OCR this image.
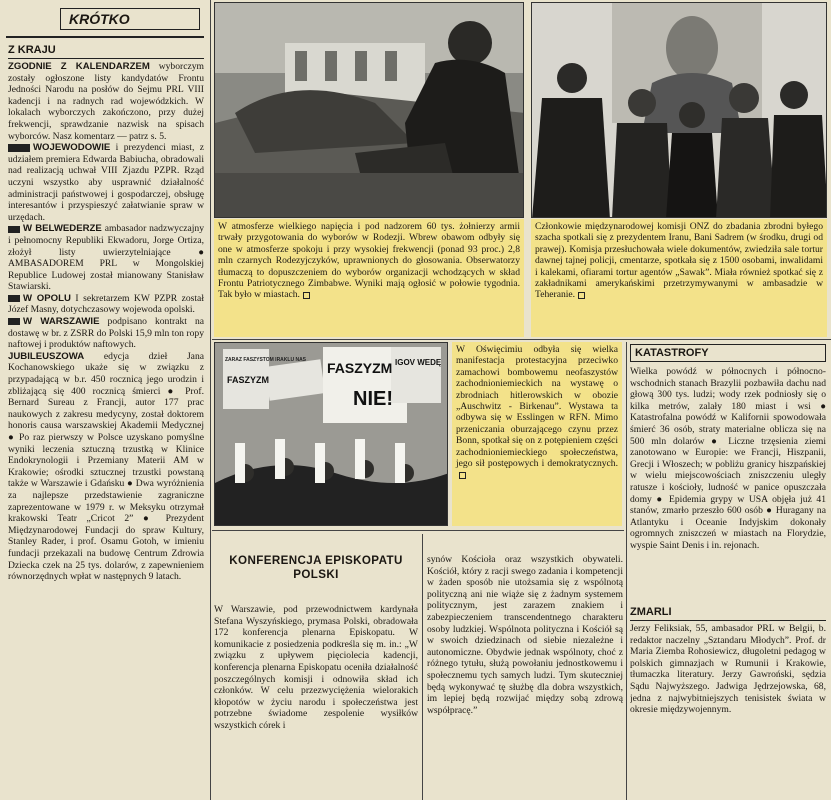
KRÓTKO
Z KRAJU

ZGODNIE Z KALENDARZEM wyborczym zostały ogłoszone listy kandydatów Frontu Jedności Narodu na posłów do Sejmu PRL VIII kadencji i na radnych rad wojewódzkich. W lokalach wyborczych zakończono, przy dużej frekwencji, sprawdzanie nazwisk na spisach wyborców. Nasz komentarz — patrz s. 5.

WOJEWODOWIE i prezydenci miast, z udziałem premiera Edwarda Babiucha, obradowali nad realizacją uchwał VIII Zjazdu PZPR. Rząd uczyni wszystko aby usprawnić działalność administracji państwowej i gospodarczej, obsługę interesantów i przyspieszyć załatwianie spraw w urzędach.

W BELWEDERZE ambasador nadzwyczajny i pełnomocny Republiki Ekwadoru, Jorge Ortiza, złożył listy uwierzytelniające ● AMBASADOREM PRL w Mongolskiej Republice Ludowej został mianowany Stanisław Stawiarski.

W OPOLU I sekretarzem KW PZPR został Józef Masny, dotychczasowy wojewoda opolski.

W WARSZAWIE podpisano kontrakt na dostawę w br. z ZSRR do Polski 15,9 mln ton ropy naftowej i produktów naftowych.

JUBILEUSZOWA edycja dzieł Jana Kochanowskiego ukaże się w związku z przypadającą w b.r. 450 rocznicą jego urodzin i zbliżającą się 400 rocznicą śmierci ● Prof. Bernard Sureau z Francji, autor 177 prac naukowych z zakresu medycyny, został doktorem honoris causa warszawskiej Akademii Medycznej ● Po raz pierwszy w Polsce uzyskano pomyślne wyniki leczenia sztuczną trzustką w Klinice Endokrynologii i Przemiany Materii AM w Krakowie; ośrodki sztucznej trzustki powstaną także w Warszawie i Gdańsku ● Dwa wyróżnienia za najlepsze przedstawienie zagraniczne zaprezentowane w 1979 r. w Meksyku otrzymał krakowski Teatr „Cricot 2” ● Prezydent Międzynarodowej Fundacji do spraw Kultury, Stanley Rader, i prof. Osamu Gotoh, w imieniu fundacji przekazali na budowę Centrum Zdrowia Dziecka czek na 25 tys. dolarów, z zapewnieniem równorzędnych wpłat w następnych 9 latach.

W atmosferze wielkiego napięcia i pod nadzorem 60 tys. żołnierzy armii trwały przygotowania do wyborów w Rodezji. Wbrew obawom odbyły się one w atmosferze spokoju i przy wysokiej frekwencji (ponad 93 proc.) 2,8 mln czarnych Rodezyjczyków, uprawnionych do głosowania. Obserwatorzy tłumaczą to dopuszczeniem do wyborów organizacji wchodzących w skład Frontu Patriotycznego Zimbabwe. Wyniki mają ogłosić w połowie tygodnia. Tak było w miastach.
Członkowie międzynarodowej komisji ONZ do zbadania zbrodni byłego szacha spotkali się z prezydentem Iranu, Bani Sadrem (w środku, drugi od prawej). Komisja przesłuchowała wiele dokumentów, zwiedziła sale tortur dawnej tajnej policji, cmentarze, spotkała się z 1500 osobami, inwalidami i kalekami, ofiarami tortur agentów „Sawak”. Miała również spotkać się z zakładnikami amerykańskimi przetrzymywanymi w ambasadzie w Teheranie.
ZARAZ FASZYSTOM IRAKLU NAS
FASZYZM
FASZYZM
NIE!
IGOV WEDĘ
W Oświęcimiu odbyła się wielka manifestacja protestacyjna przeciwko zamachowi bombowemu neofaszystów zachodnioniemieckich na wystawę o zbrodniach hitlerowskich w obozie „Auschwitz - Birkenau”. Wystawa ta odbywa się w Esslingen w RFN. Mimo przeniczania oburzającego czynu przez Bonn, spotkał się on z potępieniem części zachodnioniemieckiego społeczeństwa, jego sił postępowych i demokratycznych.
KONFERENCJA EPISKOPATU POLSKI

W Warszawie, pod przewodnictwem kardynała Stefana Wyszyńskiego, prymasa Polski, obradowała 172 konferencja plenarna Episkopatu. W komunikacie z posiedzenia podkreśla się m. in.: „W związku z upływem pięciolecia kadencji, konferencja plenarna Episkopatu oceniła działalność poszczególnych komisji i odnowiła skład ich członków. W celu przezwyciężenia wielorakich kłopotów w życiu narodu i społeczeństwa jest potrzebne świadome zespolenie wysiłków wszystkich córek i

synów Kościoła oraz wszystkich obywateli. Kościół, który z racji swego zadania i kompetencji w żaden sposób nie utożsamia się z wspólnotą polityczną ani nie wiąże się z żadnym systemem politycznym, jest zarazem znakiem i zabezpieczeniem transcendentnego charakteru osoby ludzkiej. Wspólnota polityczna i Kościół są w swoich dziedzinach od siebie niezależne i autonomiczne. Obydwie jednak wspólnoty, choć z różnego tytułu, służą powołaniu jednostkowemu i społecznemu tych samych ludzi. Tym skuteczniej będą wykonywać tę służbę dla dobra wszystkich, im lepiej będą rozwijać między sobą zdrową współpracę.”

KATASTROFY

Wielka powódź w północnych i północno-wschodnich stanach Brazylii pozbawiła dachu nad głową 300 tys. ludzi; wody rzek podniosły się o kilka metrów, zalały 180 miast i wsi ● Katastrofalna powódź w Kalifornii spowodowała śmierć 36 osób, straty materialne oblicza się na 500 mln dolarów ● Liczne trzęsienia ziemi zanotowano w Europie: we Francji, Hiszpanii, Grecji i Włoszech; w pobliżu granicy hiszpańskiej w wielu miejscowościach zniszczeniu uległy ratusze i kościoły, ludność w panice opuszczała domy ● Epidemia grypy w USA objęła już 41 stanów, zmarło przeszło 600 osób ● Huragany na Atlantyku i Oceanie Indyjskim dokonały ogromnych zniszczeń w miastach na Florydzie, wyspie Saint Denis i in. rejonach.

ZMARLI

Jerzy Feliksiak, 55, ambasador PRL w Belgii, b. redaktor naczelny „Sztandaru Młodych”. Prof. dr Maria Ziemba Rohosiewicz, długoletni pedagog w polskich gimnazjach w Rumunii i Krakowie, tłumaczka literatury. Jerzy Gawroński, sędzia Sądu Najwyższego. Jadwiga Jędrzejowska, 68, jedna z najwybitniejszych tenisistek świata w okresie międzywojennym.
